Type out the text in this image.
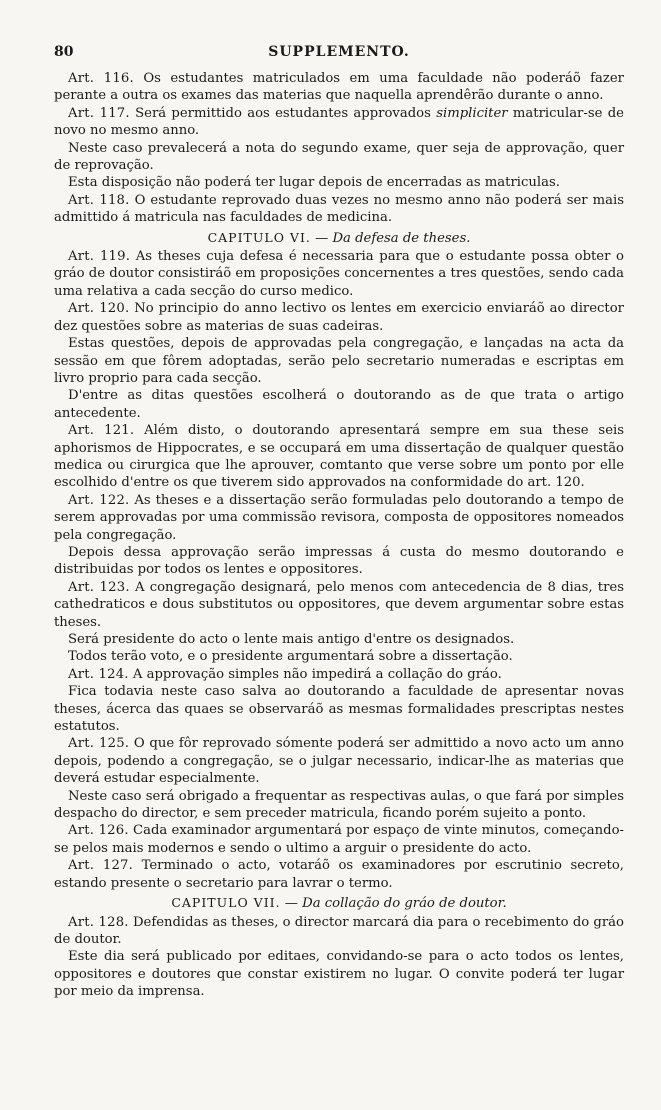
80	SUPPLEMENTO.

Art. 116. Os estudantes matriculados em uma faculdade não poderáõ fazer perante a outra os exames das materias que naquella aprendêrão durante o anno.

Art. 117. Será permittido aos estudantes approvados simpliciter matricular-se de novo no mesmo anno.

Neste caso prevalecerá a nota do segundo exame, quer seja de approvação, quer de reprovação.

Esta disposição não poderá ter lugar depois de encerradas as matriculas.

Art. 118. O estudante reprovado duas vezes no mesmo anno não poderá ser mais admittido á matricula nas faculdades de medicina.

CAPITULO VI. — Da defesa de theses.

Art. 119. As theses cuja defesa é necessaria para que o estudante possa obter o gráo de doutor consistiráõ em proposições concernentes a tres questões, sendo cada uma relativa a cada secção do curso medico.

Art. 120. No principio do anno lectivo os lentes em exercicio enviaráõ ao director dez questões sobre as materias de suas cadeiras.

Estas questões, depois de approvadas pela congregação, e lançadas na acta da sessão em que fôrem adoptadas, serão pelo secretario numeradas e escriptas em livro proprio para cada secção.

D'entre as ditas questões escolherá o doutorando as de que trata o artigo antecedente.

Art. 121. Além disto, o doutorando apresentará sempre em sua these seis aphorismos de Hippocrates, e se occupará em uma dissertação de qualquer questão medica ou cirurgica que lhe aprouver, comtanto que verse sobre um ponto por elle escolhido d'entre os que tiverem sido approvados na conformidade do art. 120.

Art. 122. As theses e a dissertação serão formuladas pelo doutorando a tempo de serem approvadas por uma commissão revisora, composta de oppositores nomeados pela congregação.

Depois dessa approvação serão impressas á custa do mesmo doutorando e distribuidas por todos os lentes e oppositores.

Art. 123. A congregação designará, pelo menos com antecedencia de 8 dias, tres cathedraticos e dous substitutos ou oppositores, que devem argumentar sobre estas theses.

Será presidente do acto o lente mais antigo d'entre os designados.

Todos terão voto, e o presidente argumentará sobre a dissertação.

Art. 124. A approvação simples não impedirá a collação do gráo.

Fica todavia neste caso salva ao doutorando a faculdade de apresentar novas theses, ácerca das quaes se observaráõ as mesmas formalidades prescriptas nestes estatutos.

Art. 125. O que fôr reprovado sómente poderá ser admittido a novo acto um anno depois, podendo a congregação, se o julgar necessario, indicar-lhe as materias que deverá estudar especialmente.

Neste caso será obrigado a frequentar as respectivas aulas, o que fará por simples despacho do director, e sem preceder matricula, ficando porém sujeito a ponto.

Art. 126. Cada examinador argumentará por espaço de vinte minutos, começando-se pelos mais modernos e sendo o ultimo a arguir o presidente do acto.

Art. 127. Terminado o acto, votaráõ os examinadores por escrutinio secreto, estando presente o secretario para lavrar o termo.

CAPITULO VII. — Da collação do gráo de doutor.

Art. 128. Defendidas as theses, o director marcará dia para o recebimento do gráo de doutor.

Este dia será publicado por editaes, convidando-se para o acto todos os lentes, oppositores e doutores que constar existirem no lugar. O convite poderá ter lugar por meio da imprensa.
